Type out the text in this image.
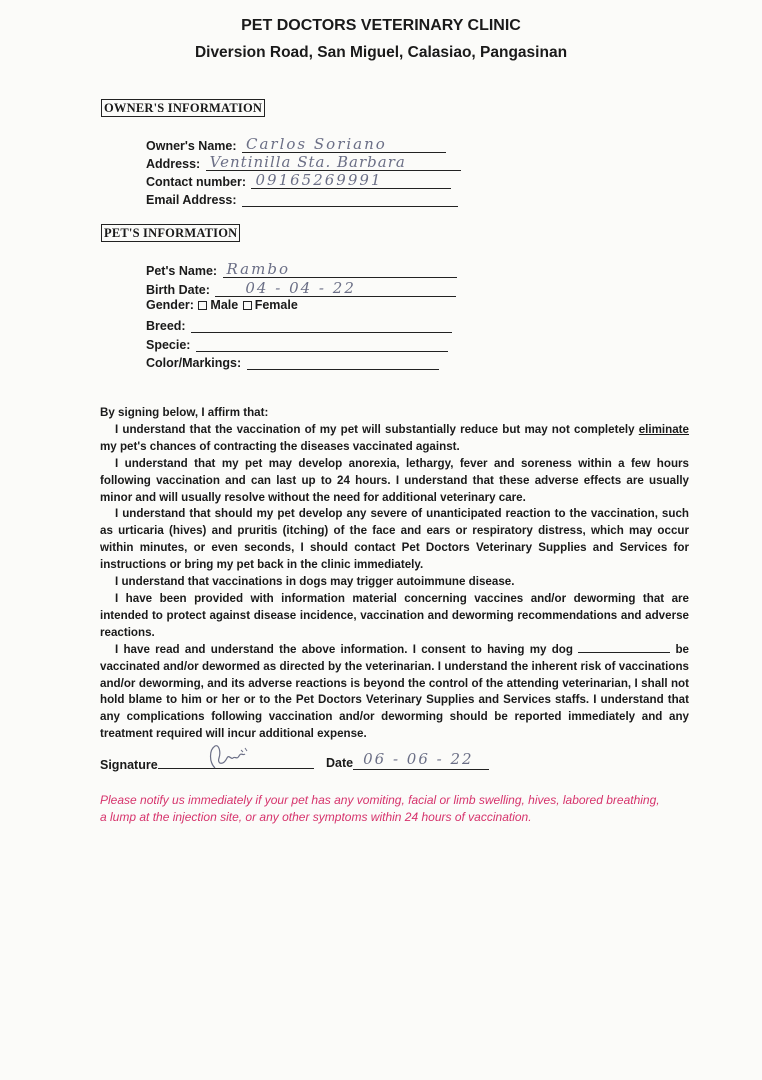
PET DOCTORS VETERINARY CLINIC
Diversion Road, San Miguel, Calasiao, Pangasinan
OWNER'S INFORMATION
Owner's Name: Carlos Soriano
Address: Ventinilla Sta. Barbara
Contact number: 09165269991
Email Address:
PET'S INFORMATION
Pet's Name: Rambo
Birth Date: 04 - 04 - 22
Gender: Male Female
Breed:
Specie:
Color/Markings:

By signing below, I affirm that:

I understand that the vaccination of my pet will substantially reduce but may not completely eliminate my pet's chances of contracting the diseases vaccinated against.

I understand that my pet may develop anorexia, lethargy, fever and soreness within a few hours following vaccination and can last up to 24 hours. I understand that these adverse effects are usually minor and will usually resolve without the need for additional veterinary care.

I understand that should my pet develop any severe of unanticipated reaction to the vaccination, such as urticaria (hives) and pruritis (itching) of the face and ears or respiratory distress, which may occur within minutes, or even seconds, I should contact Pet Doctors Veterinary Supplies and Services for instructions or bring my pet back in the clinic immediately.

I understand that vaccinations in dogs may trigger autoimmune disease.

I have been provided with information material concerning vaccines and/or deworming that are intended to protect against disease incidence, vaccination and deworming recommendations and adverse reactions.

I have read and understand the above information. I consent to having my dog	be vaccinated and/or dewormed as directed by the veterinarian. I understand the inherent risk of vaccinations and/or deworming, and its adverse reactions is beyond the control of the attending veterinarian, I shall not hold blame to him or her or to the Pet Doctors Veterinary Supplies and Services staffs. I understand that any complications following vaccination and/or deworming should be reported immediately and any treatment required will incur additional expense.

Signature	Date 06 - 06 - 22
Please notify us immediately if your pet has any vomiting, facial or limb swelling, hives, labored breathing, a lump at the injection site, or any other symptoms within 24 hours of vaccination.
